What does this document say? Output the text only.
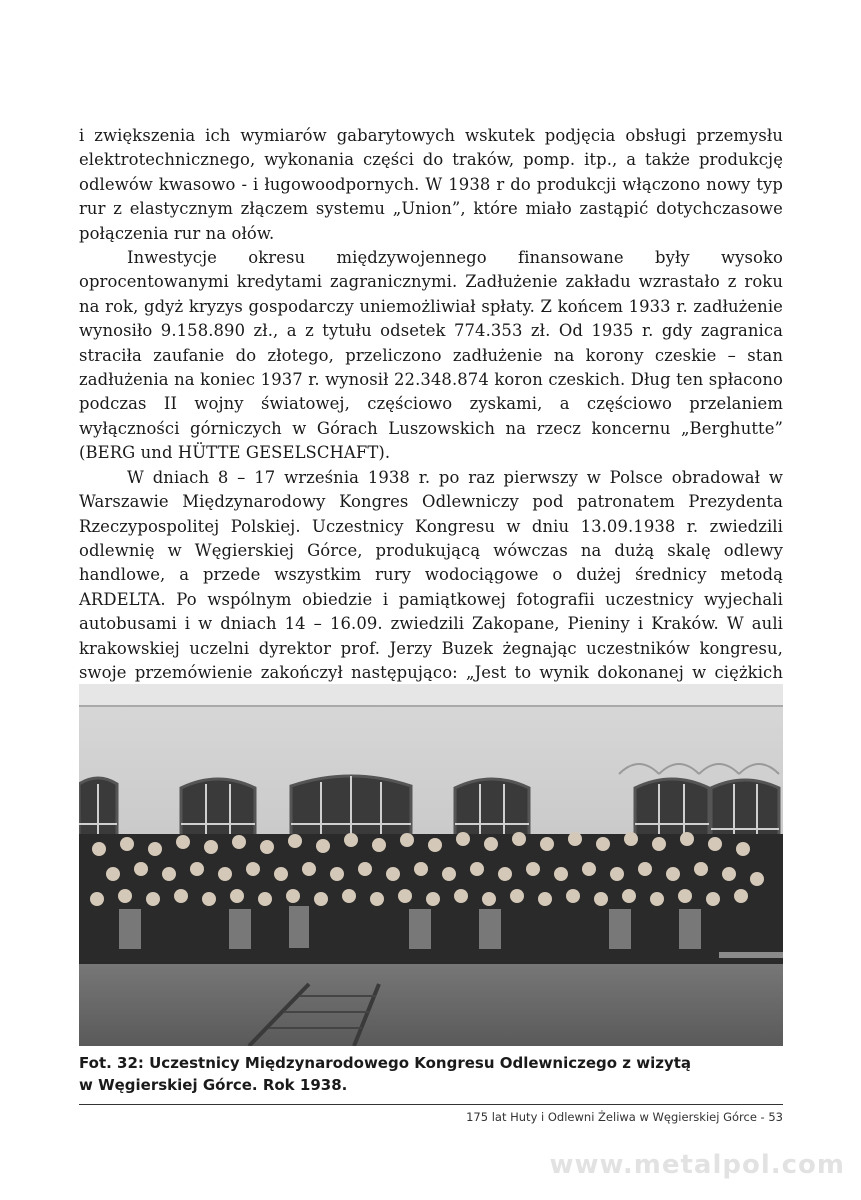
i zwiększenia ich wymiarów gabarytowych wskutek podjęcia obsługi przemysłu elektrotechnicznego, wykonania części do traków, pomp. itp., a także produkcję odlewów kwasowo - i ługowoodpornych. W 1938 r do produkcji włączono nowy typ rur z elastycznym złączem systemu „Union”, które miało zastąpić dotychczasowe połączenia rur na ołów.

Inwestycje okresu międzywojennego finansowane były wysoko oprocentowanymi kredytami zagranicznymi. Zadłużenie zakładu wzrastało z roku na rok, gdyż kryzys gospodarczy uniemożliwiał spłaty. Z końcem 1933 r. zadłużenie wynosiło 9.158.890 zł., a z tytułu odsetek 774.353 zł. Od 1935 r. gdy zagranica straciła zaufanie do złotego, przeliczono zadłużenie na korony czeskie – stan zadłużenia na koniec 1937 r. wynosił 22.348.874 koron czeskich. Dług ten spłacono podczas II wojny światowej, częściowo zyskami, a częściowo przelaniem wyłączności górniczych w Górach Luszowskich na rzecz koncernu „Berghutte” (BERG und HÜTTE GESELSCHAFT).

W dniach 8 – 17 września 1938 r. po raz pierwszy w Polsce obradował w Warszawie Międzynarodowy Kongres Odlewniczy pod patronatem Prezydenta Rzeczypospolitej Polskiej. Uczestnicy Kongresu w dniu 13.09.1938 r. zwiedzili odlewnię w Węgierskiej Górce, produkującą wówczas na dużą skalę odlewy handlowe, a przede wszystkim rury wodociągowe o dużej średnicy metodą ARDELTA. Po wspólnym obiedzie i pamiątkowej fotografii uczestnicy wyjechali autobusami i w dniach 14 – 16.09. zwiedzili Zakopane, Pieniny i Kraków. W auli krakowskiej uczelni dyrektor prof. Jerzy Buzek żegnając uczestników kongresu, swoje przemówienie zakończył następująco: „Jest to wynik dokonanej w ciężkich

Fot. 32: Uczestnicy Międzynarodowego Kongresu Odlewniczego z wizytą
w Węgierskiej Górce. Rok 1938.
175 lat Huty i Odlewni Żeliwa w Węgierskiej Górce - 53
www.metalpol.com
